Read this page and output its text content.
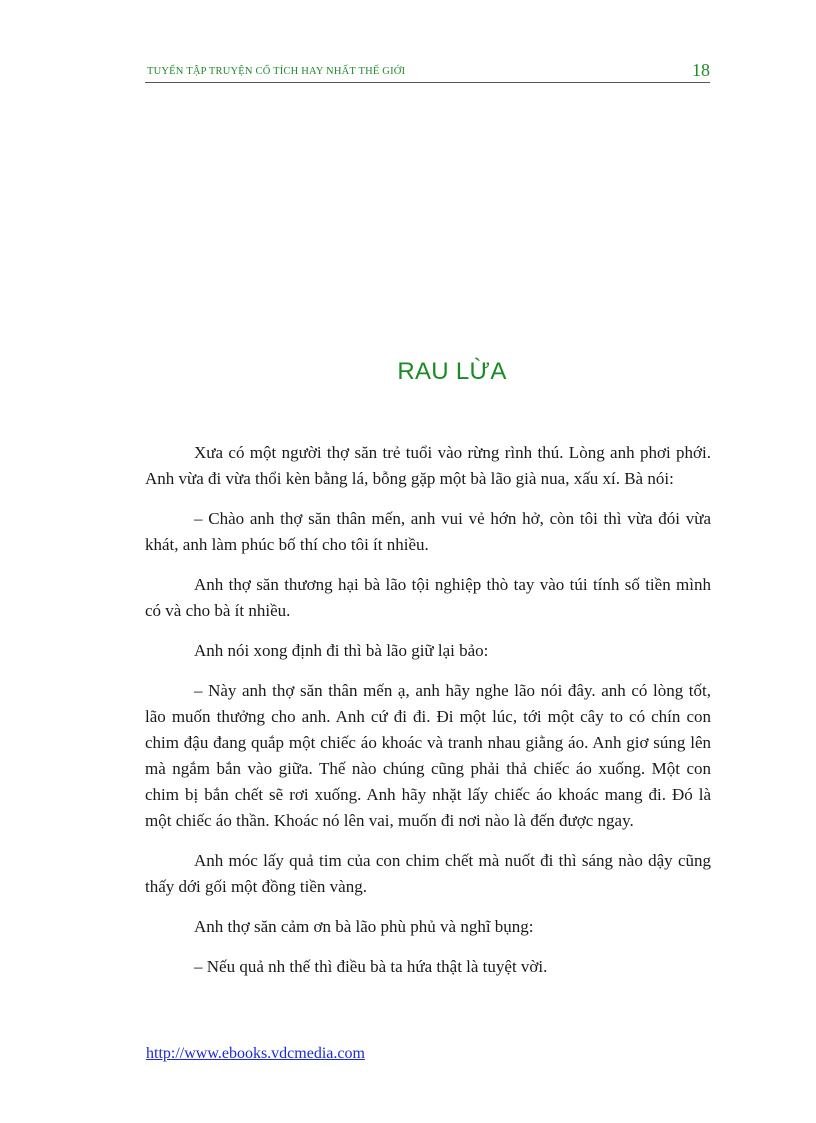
TUYỂN TẬP TRUYỆN CỔ TÍCH HAY NHẤT THẾ GIỚI	18
RAU LỪA

Xưa có một người thợ săn trẻ tuổi vào rừng rình thú. Lòng anh phơi phới. Anh vừa đi vừa thổi kèn bằng lá, bỗng gặp một bà lão già nua, xấu xí. Bà nói:

– Chào anh thợ săn thân mến, anh vui vẻ hớn hở, còn tôi thì vừa đói vừa khát, anh làm phúc bố thí cho tôi ít nhiều.

Anh thợ săn thương hại bà lão tội nghiệp thò tay vào túi tính số tiền mình có và cho bà ít nhiều.

Anh nói xong định đi thì bà lão giữ lại bảo:

– Này anh thợ săn thân mến ạ, anh hãy nghe lão nói đây. anh có lòng tốt, lão muốn thưởng cho anh. Anh cứ đi đi. Đi một lúc, tới một cây to có chín con chim đậu đang quắp một chiếc áo khoác và tranh nhau giằng áo. Anh giơ súng lên mà ngắm bắn vào giữa. Thế nào chúng cũng phải thả chiếc áo xuống. Một con chim bị bắn chết sẽ rơi xuống. Anh hãy nhặt lấy chiếc áo khoác mang đi. Đó là một chiếc áo thần. Khoác nó lên vai, muốn đi nơi nào là đến được ngay.

Anh móc lấy quả tim của con chim chết mà nuốt đi thì sáng nào dậy cũng thấy dới gối một đồng tiền vàng.

Anh thợ săn cảm ơn bà lão phù phủ và nghĩ bụng:

– Nếu quả nh thế thì điều bà ta hứa thật là tuyệt vời.

http://www.ebooks.vdcmedia.com
